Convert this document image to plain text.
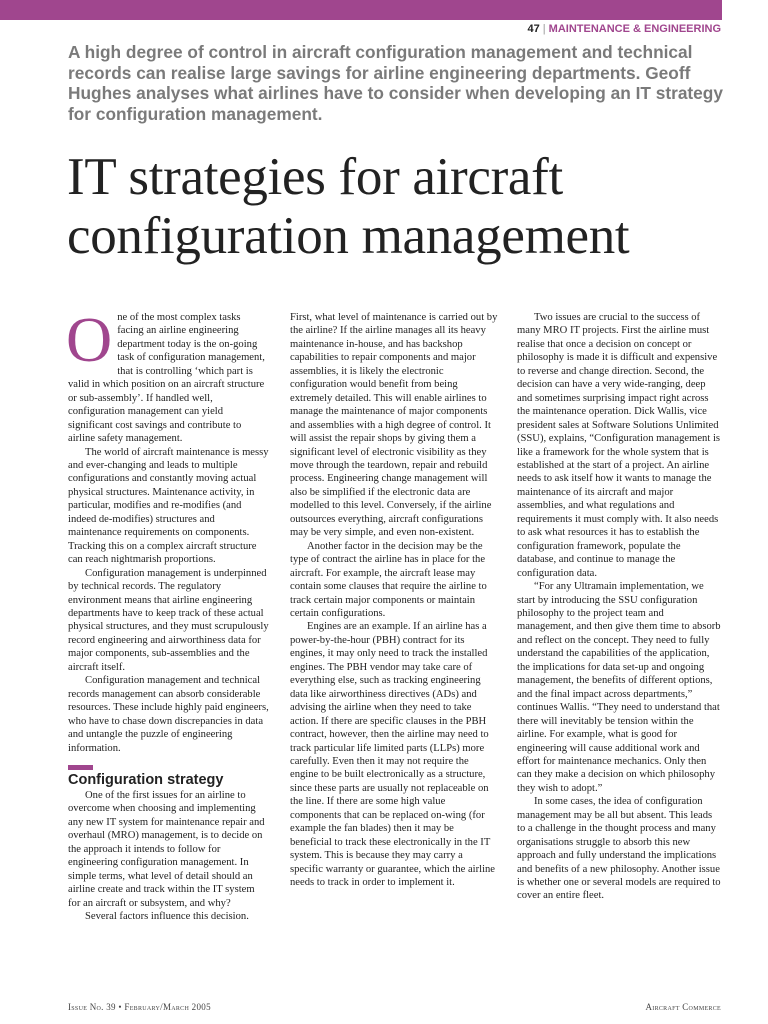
47 | MAINTENANCE & ENGINEERING
A high degree of control in aircraft configuration management and technical records can realise large savings for airline engineering departments. Geoff Hughes analyses what airlines have to consider when developing an IT strategy for configuration management.
IT strategies for aircraft
configuration management

One of the most complex tasks facing an airline engineering department today is the on-going task of configuration management, that is controlling ‘which part is valid in which position on an aircraft structure or sub-assembly’. If handled well, configuration management can yield significant cost savings and contribute to airline safety management.

The world of aircraft maintenance is messy and ever-changing and leads to multiple configurations and constantly moving actual physical structures. Maintenance activity, in particular, modifies and re-modifies (and indeed de-modifies) structures and maintenance requirements on components. Tracking this on a complex aircraft structure can reach nightmarish proportions.

Configuration management is underpinned by technical records. The regulatory environment means that airline engineering departments have to keep track of these actual physical structures, and they must scrupulously record engineering and airworthiness data for major components, sub-assemblies and the aircraft itself.

Configuration management and technical records management can absorb considerable resources. These include highly paid engineers, who have to chase down discrepancies in data and untangle the puzzle of engineering information.

Configuration strategy

One of the first issues for an airline to overcome when choosing and implementing any new IT system for maintenance repair and overhaul (MRO) management, is to decide on the approach it intends to follow for engineering configuration management. In simple terms, what level of detail should an airline create and track within the IT system for an aircraft or subsystem, and why?

Several factors influence this decision.

First, what level of maintenance is carried out by the airline? If the airline manages all its heavy maintenance in-house, and has backshop capabilities to repair components and major assemblies, it is likely the electronic configuration would benefit from being extremely detailed. This will enable airlines to manage the maintenance of major components and assemblies with a high degree of control. It will assist the repair shops by giving them a significant level of electronic visibility as they move through the teardown, repair and rebuild process. Engineering change management will also be simplified if the electronic data are modelled to this level. Conversely, if the airline outsources everything, aircraft configurations may be very simple, and even non-existent.

Another factor in the decision may be the type of contract the airline has in place for the aircraft. For example, the aircraft lease may contain some clauses that require the airline to track certain major components or maintain certain configurations.

Engines are an example. If an airline has a power-by-the-hour (PBH) contract for its engines, it may only need to track the installed engines. The PBH vendor may take care of everything else, such as tracking engineering data like airworthiness directives (ADs) and advising the airline when they need to take action. If there are specific clauses in the PBH contract, however, then the airline may need to track particular life limited parts (LLPs) more carefully. Even then it may not require the engine to be built electronically as a structure, since these parts are usually not replaceable on the line. If there are some high value components that can be replaced on-wing (for example the fan blades) then it may be beneficial to track these electronically in the IT system. This is because they may carry a specific warranty or guarantee, which the airline needs to track in order to implement it.

Two issues are crucial to the success of many MRO IT projects. First the airline must realise that once a decision on concept or philosophy is made it is difficult and expensive to reverse and change direction. Second, the decision can have a very wide-ranging, deep and sometimes surprising impact right across the maintenance operation. Dick Wallis, vice president sales at Software Solutions Unlimited (SSU), explains, “Configuration management is like a framework for the whole system that is established at the start of a project. An airline needs to ask itself how it wants to manage the maintenance of its aircraft and major assemblies, and what regulations and requirements it must comply with. It also needs to ask what resources it has to establish the configuration framework, populate the database, and continue to manage the configuration data.

“For any Ultramain implementation, we start by introducing the SSU configuration philosophy to the project team and management, and then give them time to absorb and reflect on the concept. They need to fully understand the capabilities of the application, the implications for data set-up and ongoing management, the benefits of different options, and the final impact across departments,” continues Wallis. “They need to understand that there will inevitably be tension within the airline. For example, what is good for engineering will cause additional work and effort for maintenance mechanics. Only then can they make a decision on which philosophy they wish to adopt.”

In some cases, the idea of configuration management may be all but absent. This leads to a challenge in the thought process and many organisations struggle to absorb this new approach and fully understand the implications and benefits of a new philosophy. Another issue is whether one or several models are required to cover an entire fleet.

Issue No. 39 • February/March 2005	Aircraft Commerce
